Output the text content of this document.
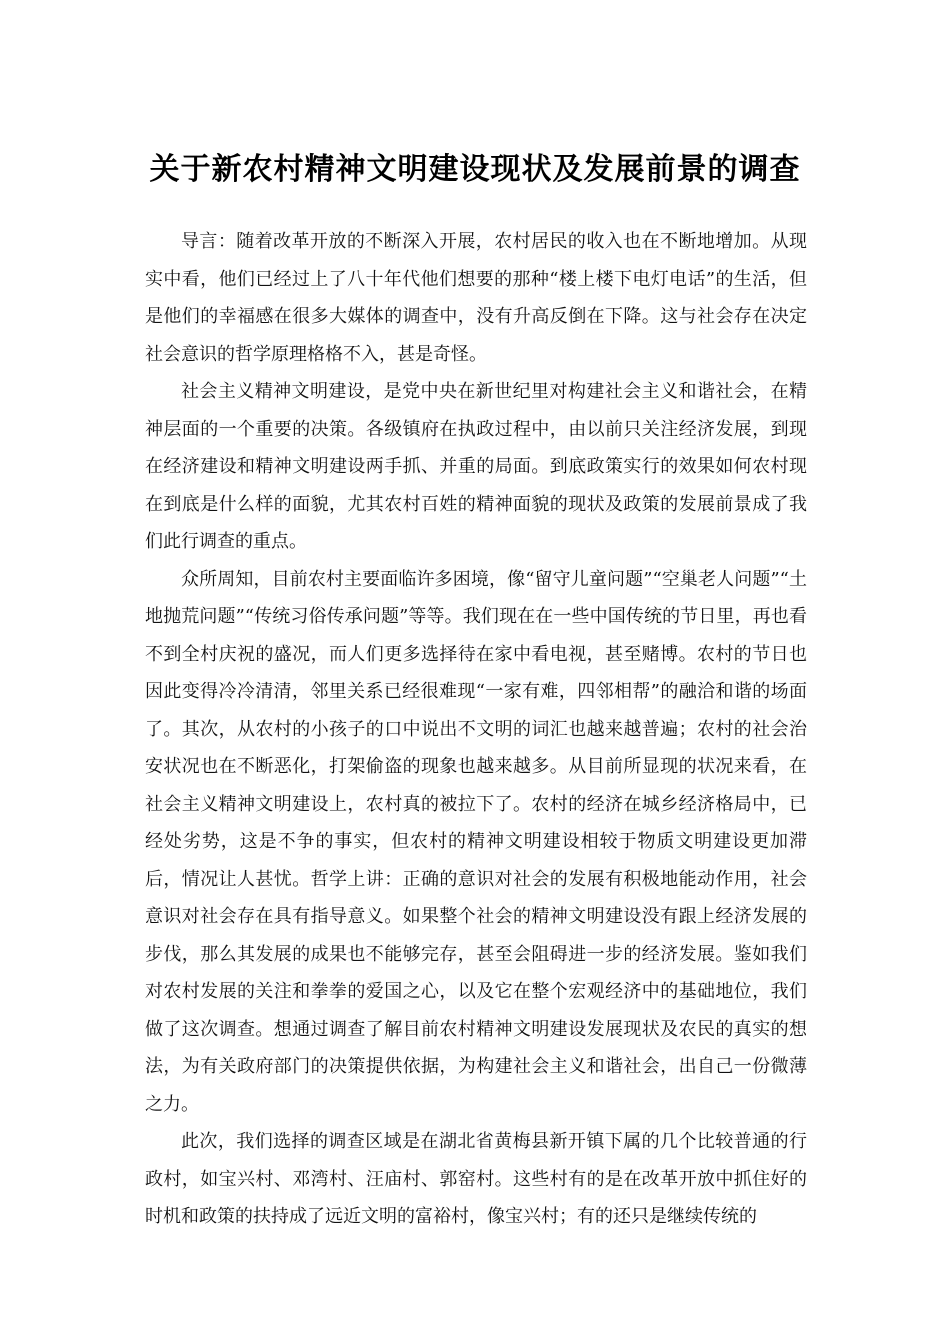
关于新农村精神文明建设现状及发展前景的调查

导言：随着改革开放的不断深入开展，农村居民的收入也在不断地增加。从现实中看，他们已经过上了八十年代他们想要的那种“楼上楼下电灯电话”的生活，但是他们的幸福感在很多大媒体的调查中，没有升高反倒在下降。这与社会存在决定社会意识的哲学原理格格不入，甚是奇怪。

社会主义精神文明建设，是党中央在新世纪里对构建社会主义和谐社会，在精神层面的一个重要的决策。各级镇府在执政过程中，由以前只关注经济发展，到现在经济建设和精神文明建设两手抓、并重的局面。到底政策实行的效果如何农村现在到底是什么样的面貌，尤其农村百姓的精神面貌的现状及政策的发展前景成了我们此行调查的重点。

众所周知，目前农村主要面临许多困境，像“留守儿童问题”“空巢老人问题”“土地抛荒问题”“传统习俗传承问题”等等。我们现在在一些中国传统的节日里，再也看不到全村庆祝的盛况，而人们更多选择待在家中看电视，甚至赌博。农村的节日也因此变得冷冷清清，邻里关系已经很难现“一家有难，四邻相帮”的融洽和谐的场面了。其次，从农村的小孩子的口中说出不文明的词汇也越来越普遍；农村的社会治安状况也在不断恶化，打架偷盗的现象也越来越多。从目前所显现的状况来看，在社会主义精神文明建设上，农村真的被拉下了。农村的经济在城乡经济格局中，已经处劣势，这是不争的事实，但农村的精神文明建设相较于物质文明建设更加滞后，情况让人甚忧。哲学上讲：正确的意识对社会的发展有积极地能动作用，社会意识对社会存在具有指导意义。如果整个社会的精神文明建设没有跟上经济发展的步伐，那么其发展的成果也不能够完存，甚至会阻碍进一步的经济发展。鉴如我们对农村发展的关注和拳拳的爱国之心，以及它在整个宏观经济中的基础地位，我们做了这次调查。想通过调查了解目前农村精神文明建设发展现状及农民的真实的想法，为有关政府部门的决策提供依据，为构建社会主义和谐社会，出自己一份微薄之力。

此次，我们选择的调查区域是在湖北省黄梅县新开镇下属的几个比较普通的行政村，如宝兴村、邓湾村、汪庙村、郭窑村。这些村有的是在改革开放中抓住好的时机和政策的扶持成了远近文明的富裕村，像宝兴村；有的还只是继续传统的
